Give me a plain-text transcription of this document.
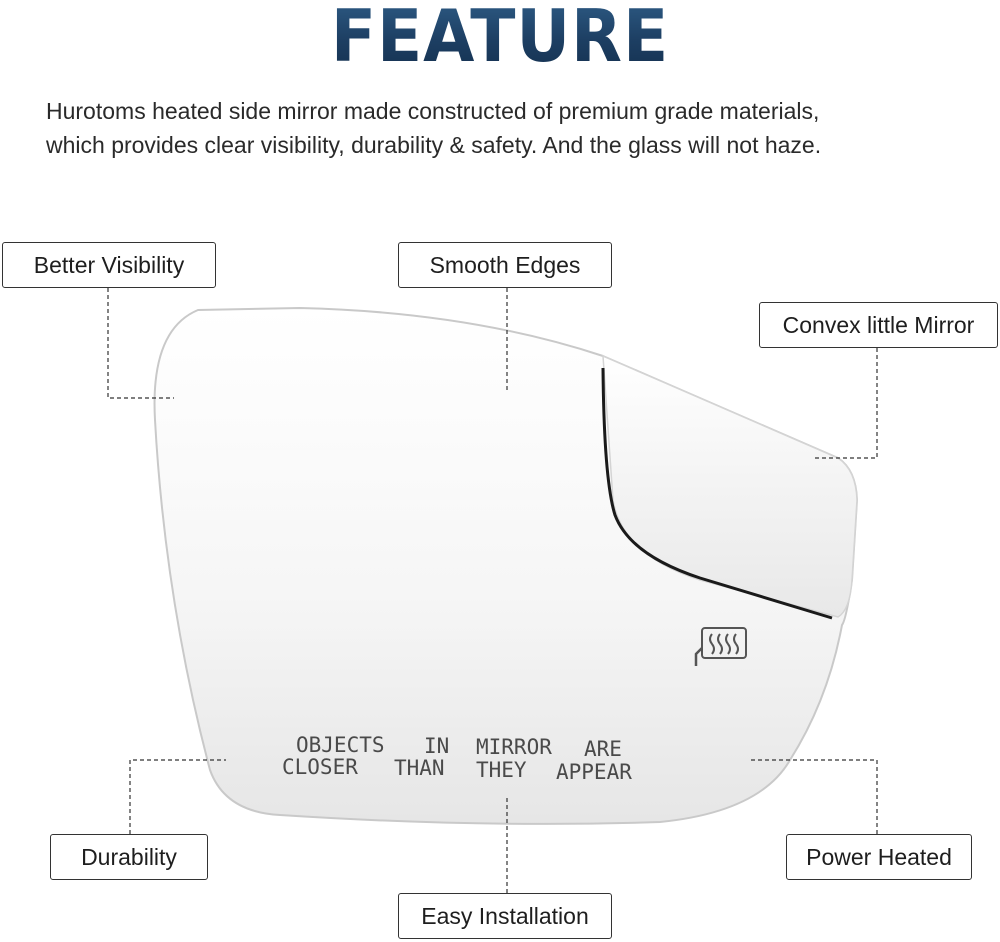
FEATURE
Hurotoms heated side mirror made constructed of premium grade materials,
which provides clear visibility, durability & safety. And the glass will not haze.
OBJECTS IN MIRROR ARE
CLOSER THAN THEY APPEAR
Better Visibility	Smooth Edges
Convex little Mirror
Durability	Power Heated
Easy Installation
